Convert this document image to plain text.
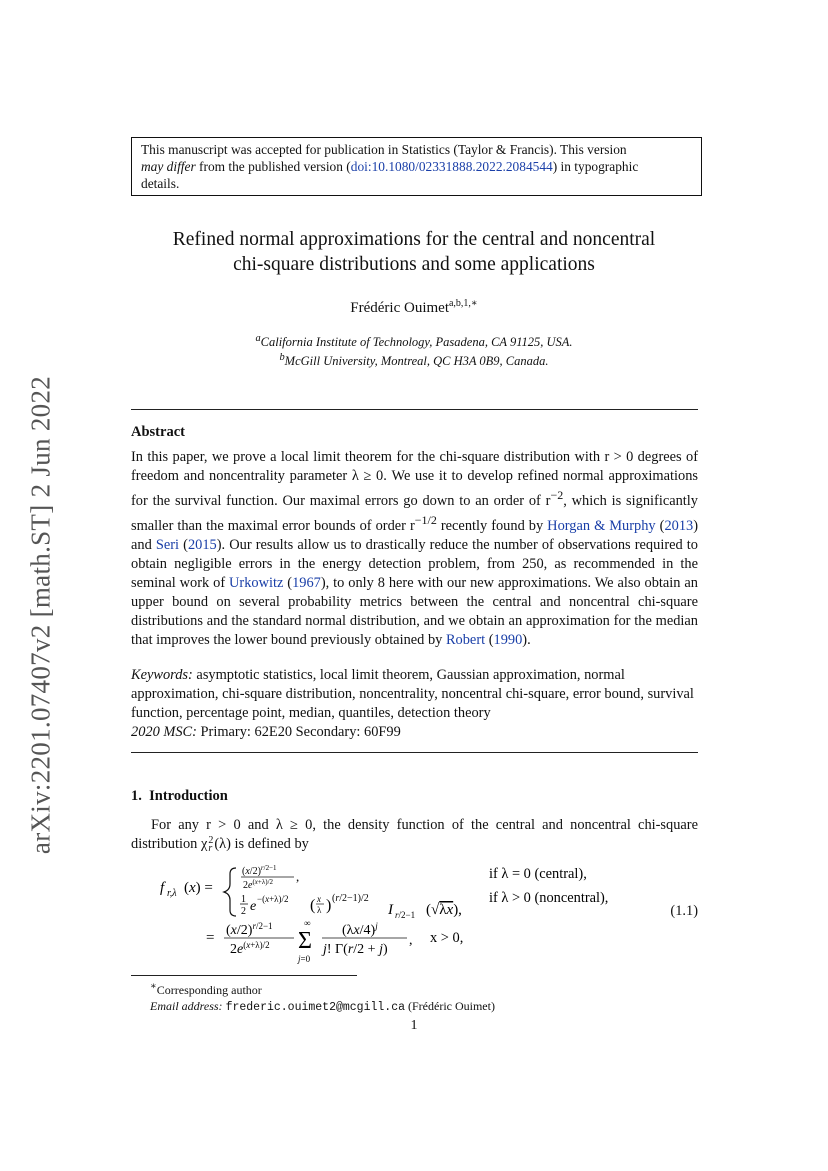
arXiv:2201.07407v2 [math.ST] 2 Jun 2022
This manuscript was accepted for publication in Statistics (Taylor & Francis). This version
may differ from the published version (doi:10.1080/02331888.2022.2084544) in typographic
details.
Refined normal approximations for the central and noncentral
chi-square distributions and some applications
Frédéric Ouimet$^{a,b,1,∗}$
$^a$California Institute of Technology, Pasadena, CA 91125, USA.
$^b$McGill University, Montreal, QC H3A 0B9, Canada.
Abstract
In this paper, we prove a local limit theorem for the chi-square distribution with r > 0 degrees of freedom and noncentrality parameter λ ≥ 0. We use it to develop refined normal approximations for the survival function. Our maximal errors go down to an order of $r^{-2}$, which is significantly smaller than the maximal error bounds of order $r^{-1/2}$ recently found by Horgan & Murphy (2013) and Seri (2015). Our results allow us to drastically reduce the number of observations required to obtain negligible errors in the energy detection problem, from 250, as recommended in the seminal work of Urkowitz (1967), to only 8 here with our new approximations. We also obtain an upper bound on several probability metrics between the central and noncentral chi-square distributions and the standard normal distribution, and we obtain an approximation for the median that improves the lower bound previously obtained by Robert (1990).
Keywords: asymptotic statistics, local limit theorem, Gaussian approximation, normal approximation, chi-square distribution, noncentrality, noncentral chi-square, error bound, survival function, percentage point, median, quantiles, detection theory
2020 MSC: Primary: 62E20 Secondary: 60F99
1. Introduction
For any r > 0 and λ ≥ 0, the density function of the central and noncentral chi-square distribution χ 2
r (λ) is defined by
f r,λ (x) =
$(x/2)^{r/2-1}$
$2e^{(x+\lambda)/2}$ ,
1
2 e −(x+λ)/2 ( x
λ ) (r/2−1)/2
I r/2−1 (√λx),
if λ = 0 (central),
if λ > 0 (noncentral),
= $(x/2)^{r/2-1}$
$2e^{(x+\lambda)/2}$
∞
Σ
j=0
$(\lambda x/4)^j$
j! Γ(r/2 + j)
, x > 0,
(1.1)
∗Corresponding author
Email address: frederic.ouimet2@mcgill.ca (Frédéric Ouimet)
1
